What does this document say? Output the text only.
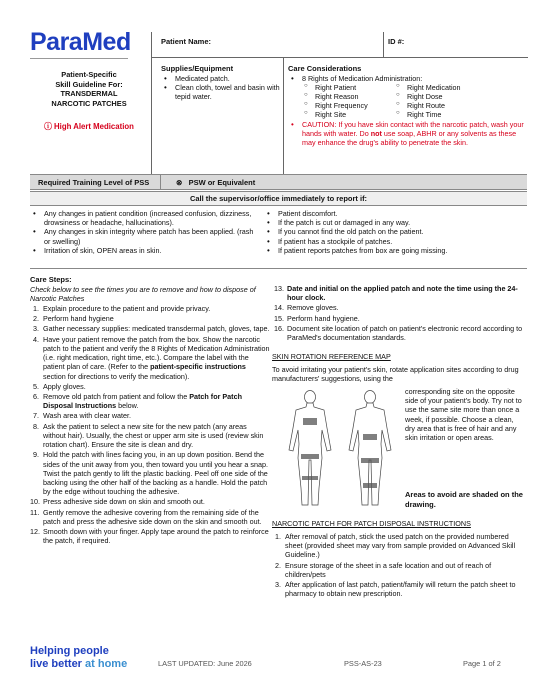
ParaMed
Patient-Specific
Skill Guideline For:
TRANSDERMAL
NARCOTIC PATCHES
ⓘ High Alert Medication
Patient Name:	ID #:
Supplies/Equipment
• Medicated patch.
• Clean cloth, towel and basin with tepid water.
Care Considerations
• 8 Rights of Medication Administration:
○ Right Patient
○ Right Reason
○ Right Frequency
○ Right Site
○ Right Medication
○ Right Dose
○ Right Route
○ Right Time
• CAUTION: If you have skin contact with the narcotic patch, wash your hands with water. Do not use soap, ABHR or any solvents as these may enhance the drug's ability to penetrate the skin.
Required Training Level of PSS	⊗ PSW or Equivalent
Call the supervisor/office immediately to report if:
• Any changes in patient condition (increased confusion, dizziness, drowsiness or headache, hallucinations).
• Any changes in skin integrity where patch has been applied. (rash or swelling)
• Irritation of skin, OPEN areas in skin.
• Patient discomfort.
• If the patch is cut or damaged in any way.
• If you cannot find the old patch on the patient.
• If patient has a stockpile of patches.
• If patient reports patches from box are going missing.
Care Steps:
Check below to see the times you are to remove and how to dispose of Narcotic Patches
1. Explain procedure to the patient and provide privacy.
2. Perform hand hygiene
3. Gather necessary supplies: medicated transdermal patch, gloves, tape.
4. Have your patient remove the patch from the box. Show the narcotic patch to the patient and verify the 8 Rights of Medication Administration (i.e. right medication, right time, etc.). Compare the label with the patient plan of care. (Refer to the patient-specific instructions section for directions to verify the medication).
5. Apply gloves.
6. Remove old patch from patient and follow the Patch for Patch Disposal Instructions below.
7. Wash area with clear water.
8. Ask the patient to select a new site for the new patch (any areas without hair). Usually, the chest or upper arm site is used (review skin rotation chart). Ensure the site is clean and dry.
9. Hold the patch with lines facing you, in an up down position. Bend the sides of the unit away from you, then toward you until you hear a snap. Twist the patch gently to lift the plastic backing. Peel off one side of the backing using the other half of the backing as a handle. Hold the patch by the edge without touching the adhesive.
10. Press adhesive side down on skin and smooth out.
11. Gently remove the adhesive covering from the remaining side of the patch and press the adhesive side down on the skin and smooth out.
12. Smooth down with your finger. Apply tape around the patch to reinforce the patch, if required.
13. Date and initial on the applied patch and note the time using the 24-hour clock.
14. Remove gloves.
15. Perform hand hygiene.
16. Document site location of patch on patient's electronic record according to ParaMed's documentation standards.
SKIN ROTATION REFERENCE MAP
To avoid irritating your patient's skin, rotate application sites according to drug manufacturers' suggestions, using the
corresponding site on the opposite side of your patient's body. Try not to use the same site more than once a week, if possible. Choose a clean, dry area that is free of hair and any skin irritation or open areas.
Areas to avoid are shaded on the drawing.
NARCOTIC PATCH FOR PATCH DISPOSAL INSTRUCTIONS
1. After removal of patch, stick the used patch on the provided numbered sheet (provided sheet may vary from sample provided on Advanced Skill Guideline.)
2. Ensure storage of the sheet in a safe location and out of reach of children/pets
3. After application of last patch, patient/family will return the patch sheet to pharmacy to obtain new prescription.
Helping people
live better at home	LAST UPDATED: June 2026	PSS-AS-23	Page 1 of 2
